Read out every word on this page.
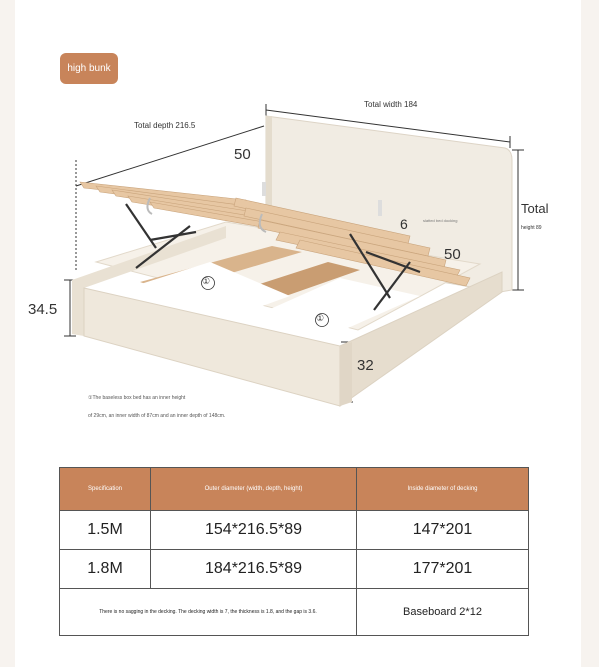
high bunk
Total width 184
Total depth 216.5
50
6	slatted bed docking
Total
height 89
50
34.5
32
①
①
①The baseless box bed has an inner height
of 29cm, an inner width of 87cm and an inner depth of 148cm.
Specification	Outer diameter (width, depth, height)	Inside diameter of decking
1.5M	154*216.5*89	147*201
1.8M	184*216.5*89	177*201
There is no sagging in the decking. The decking width is 7, the thickness is 1.8, and the gap is 3.6.		Baseboard 2*12
